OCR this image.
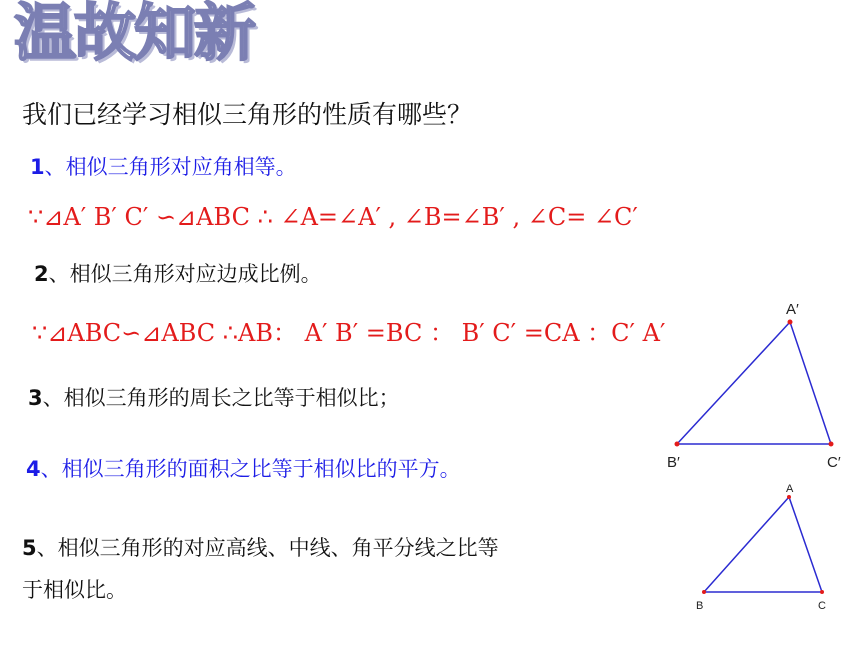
温故知新
我们已经学习相似三角形的性质有哪些？
1、相似三角形对应角相等。
∵⊿A′ B′ C′ ∽⊿ABC ∴ ∠A=∠A′ , ∠B=∠B′ , ∠C= ∠C′
2、相似三角形对应边成比例。
∵⊿ABC∽⊿ABC ∴AB： A′ B′ =BC ： B′ C′ =CA ：C′ A′
3、相似三角形的周长之比等于相似比；
4、相似三角形的面积之比等于相似比的平方。
5、相似三角形的对应高线、中线、角平分线之比等
于相似比。
A′
B′	C′
A
B	C
